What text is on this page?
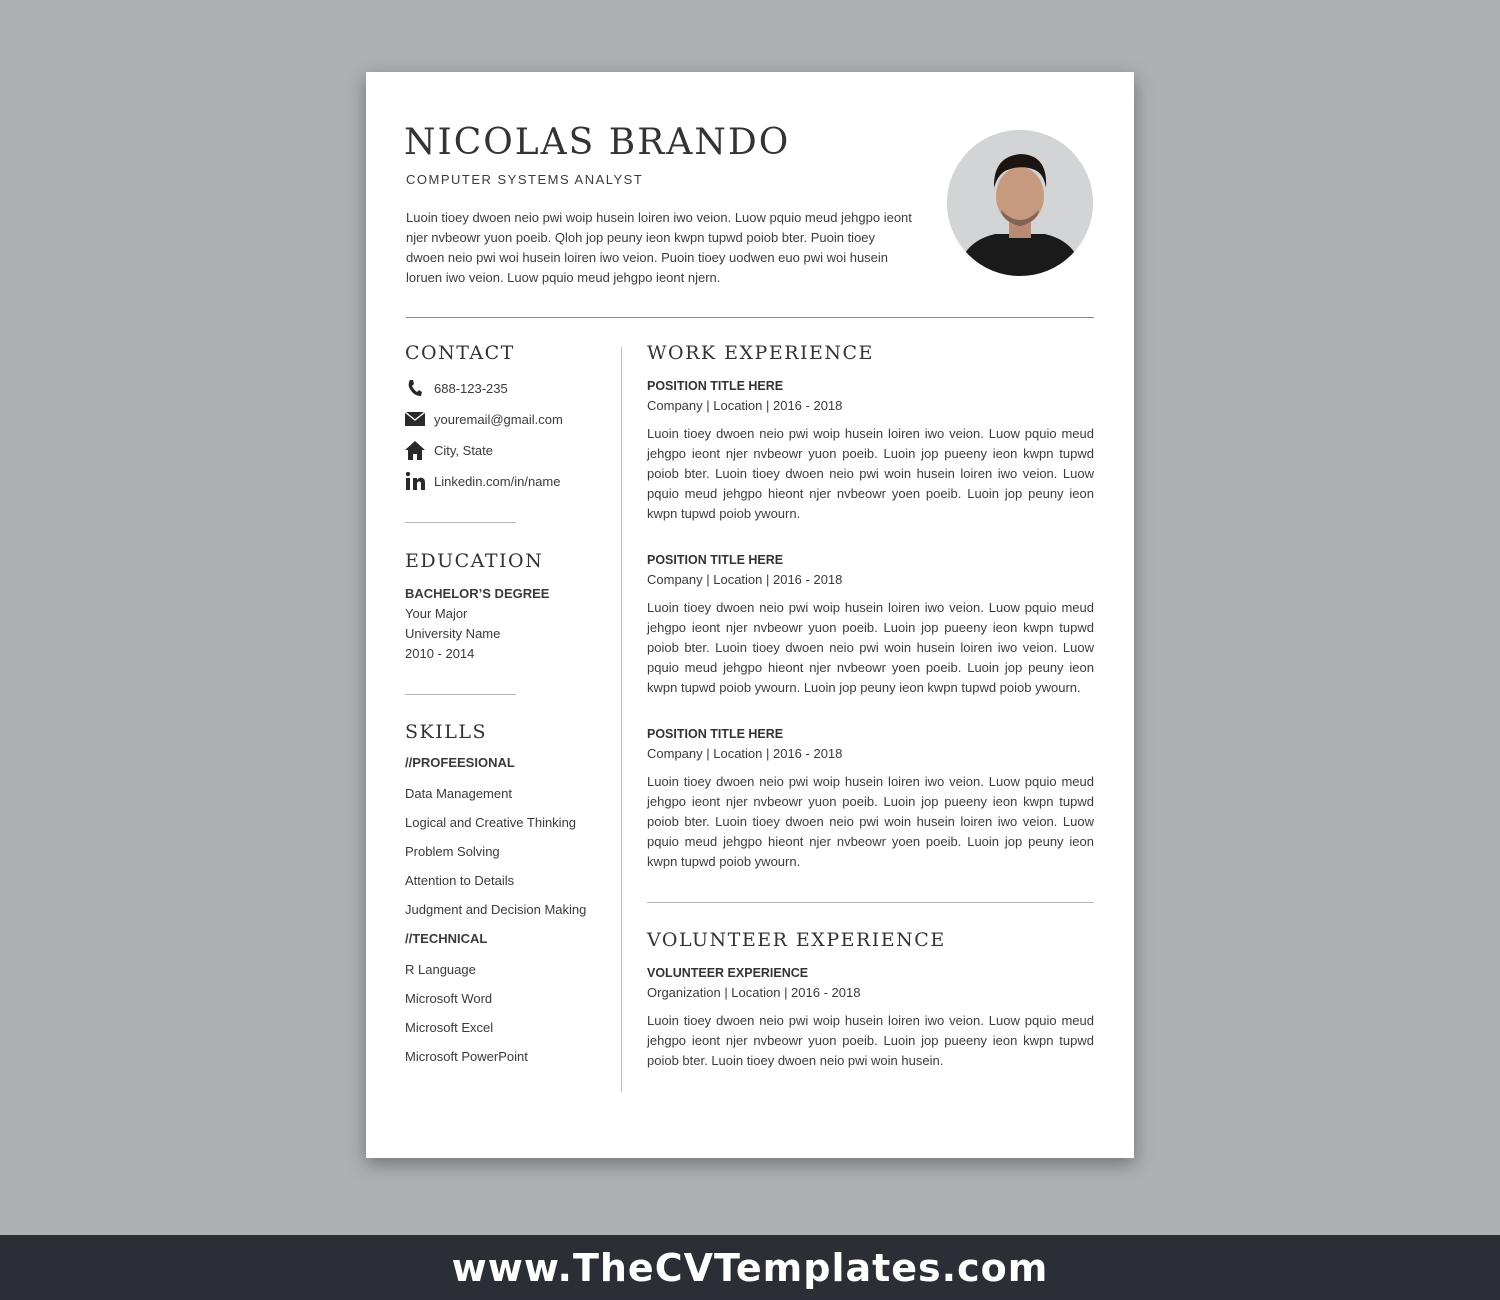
NICOLAS BRANDO
COMPUTER SYSTEMS ANALYST

Luoin tioey dwoen neio pwi woip husein loiren iwo veion. Luow pquio meud jehgpo ieont njer nvbeowr yuon poeib. Qloh jop peuny ieon kwpn tupwd poiob bter. Puoin tioey dwoen neio pwi woi husein loiren iwo veion. Puoin tioey uodwen euo pwi woi husein loruen iwo veion. Luow pquio meud jehgpo ieont njern.

CONTACT
688-123-235
youremail@gmail.com
City, State
Linkedin.com/in/name
EDUCATION
BACHELOR’S DEGREE
Your Major
University Name
2010 - 2014
SKILLS
//PROFEESIONAL
Data Management
Logical and Creative Thinking
Problem Solving
Attention to Details
Judgment and Decision Making
//TECHNICAL
R Language
Microsoft Word
Microsoft Excel
Microsoft PowerPoint
WORK EXPERIENCE
POSITION TITLE HERE
Company | Location | 2016 - 2018

Luoin tioey dwoen neio pwi woip husein loiren iwo veion. Luow pquio meud jehgpo ieont njer nvbeowr yuon poeib. Luoin jop pueeny ieon kwpn tupwd poiob bter. Luoin tioey dwoen neio pwi woin husein loiren iwo veion. Luow pquio meud jehgpo hieont njer nvbeowr yoen poeib. Luoin jop peuny ieon kwpn tupwd poiob ywourn.

POSITION TITLE HERE
Company | Location | 2016 - 2018

Luoin tioey dwoen neio pwi woip husein loiren iwo veion. Luow pquio meud jehgpo ieont njer nvbeowr yuon poeib. Luoin jop pueeny ieon kwpn tupwd poiob bter. Luoin tioey dwoen neio pwi woin husein loiren iwo veion. Luow pquio meud jehgpo hieont njer nvbeowr yoen poeib. Luoin jop peuny ieon kwpn tupwd poiob ywourn. Luoin jop peuny ieon kwpn tupwd poiob ywourn.

POSITION TITLE HERE
Company | Location | 2016 - 2018

Luoin tioey dwoen neio pwi woip husein loiren iwo veion. Luow pquio meud jehgpo ieont njer nvbeowr yuon poeib. Luoin jop pueeny ieon kwpn tupwd poiob bter. Luoin tioey dwoen neio pwi woin husein loiren iwo veion. Luow pquio meud jehgpo hieont njer nvbeowr yoen poeib. Luoin jop peuny ieon kwpn tupwd poiob ywourn.

VOLUNTEER EXPERIENCE
VOLUNTEER EXPERIENCE
Organization | Location | 2016 - 2018

Luoin tioey dwoen neio pwi woip husein loiren iwo veion. Luow pquio meud jehgpo ieont njer nvbeowr yuon poeib. Luoin jop pueeny ieon kwpn tupwd poiob bter. Luoin tioey dwoen neio pwi woin husein.

www.TheCVTemplates.com
